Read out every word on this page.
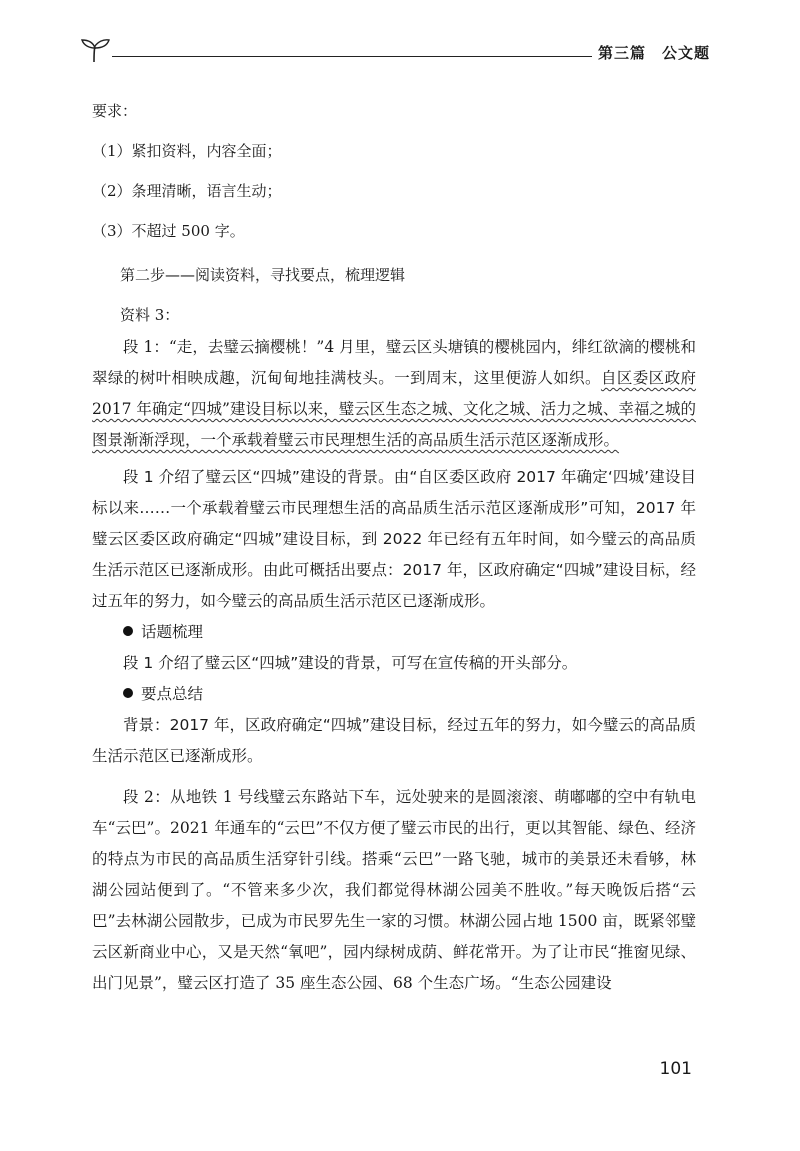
第三篇　公文题

要求：

（1）紧扣资料，内容全面；

（2）条理清晰，语言生动；

（3）不超过 500 字。

第二步——阅读资料，寻找要点，梳理逻辑

资料 3：

段 1：“走，去璧云摘樱桃！”4 月里，璧云区头塘镇的樱桃园内，绯红欲滴的樱桃和翠绿的树叶相映成趣，沉甸甸地挂满枝头。一到周末，这里便游人如织。自区委区政府 2017 年确定“四城”建设目标以来，璧云区生态之城、文化之城、活力之城、幸福之城的图景渐渐浮现，一个承载着璧云市民理想生活的高品质生活示范区逐渐成形。

段 1 介绍了璧云区“四城”建设的背景。由“自区委区政府 2017 年确定‘四城’建设目标以来……一个承载着璧云市民理想生活的高品质生活示范区逐渐成形”可知，2017 年璧云区委区政府确定“四城”建设目标，到 2022 年已经有五年时间，如今璧云的高品质生活示范区已逐渐成形。由此可概括出要点：2017 年，区政府确定“四城”建设目标，经过五年的努力，如今璧云的高品质生活示范区已逐渐成形。

话题梳理

段 1 介绍了璧云区“四城”建设的背景，可写在宣传稿的开头部分。

要点总结

背景：2017 年，区政府确定“四城”建设目标，经过五年的努力，如今璧云的高品质生活示范区已逐渐成形。

段 2：从地铁 1 号线璧云东路站下车，远处驶来的是圆滚滚、萌嘟嘟的空中有轨电车“云巴”。2021 年通车的“云巴”不仅方便了璧云市民的出行，更以其智能、绿色、经济的特点为市民的高品质生活穿针引线。搭乘“云巴”一路飞驰，城市的美景还未看够，林湖公园站便到了。“不管来多少次，我们都觉得林湖公园美不胜收。”每天晚饭后搭“云巴”去林湖公园散步，已成为市民罗先生一家的习惯。林湖公园占地 1500 亩，既紧邻璧云区新商业中心，又是天然“氧吧”，园内绿树成荫、鲜花常开。为了让市民“推窗见绿、出门见景”，璧云区打造了 35 座生态公园、68 个生态广场。“生态公园建设

101
